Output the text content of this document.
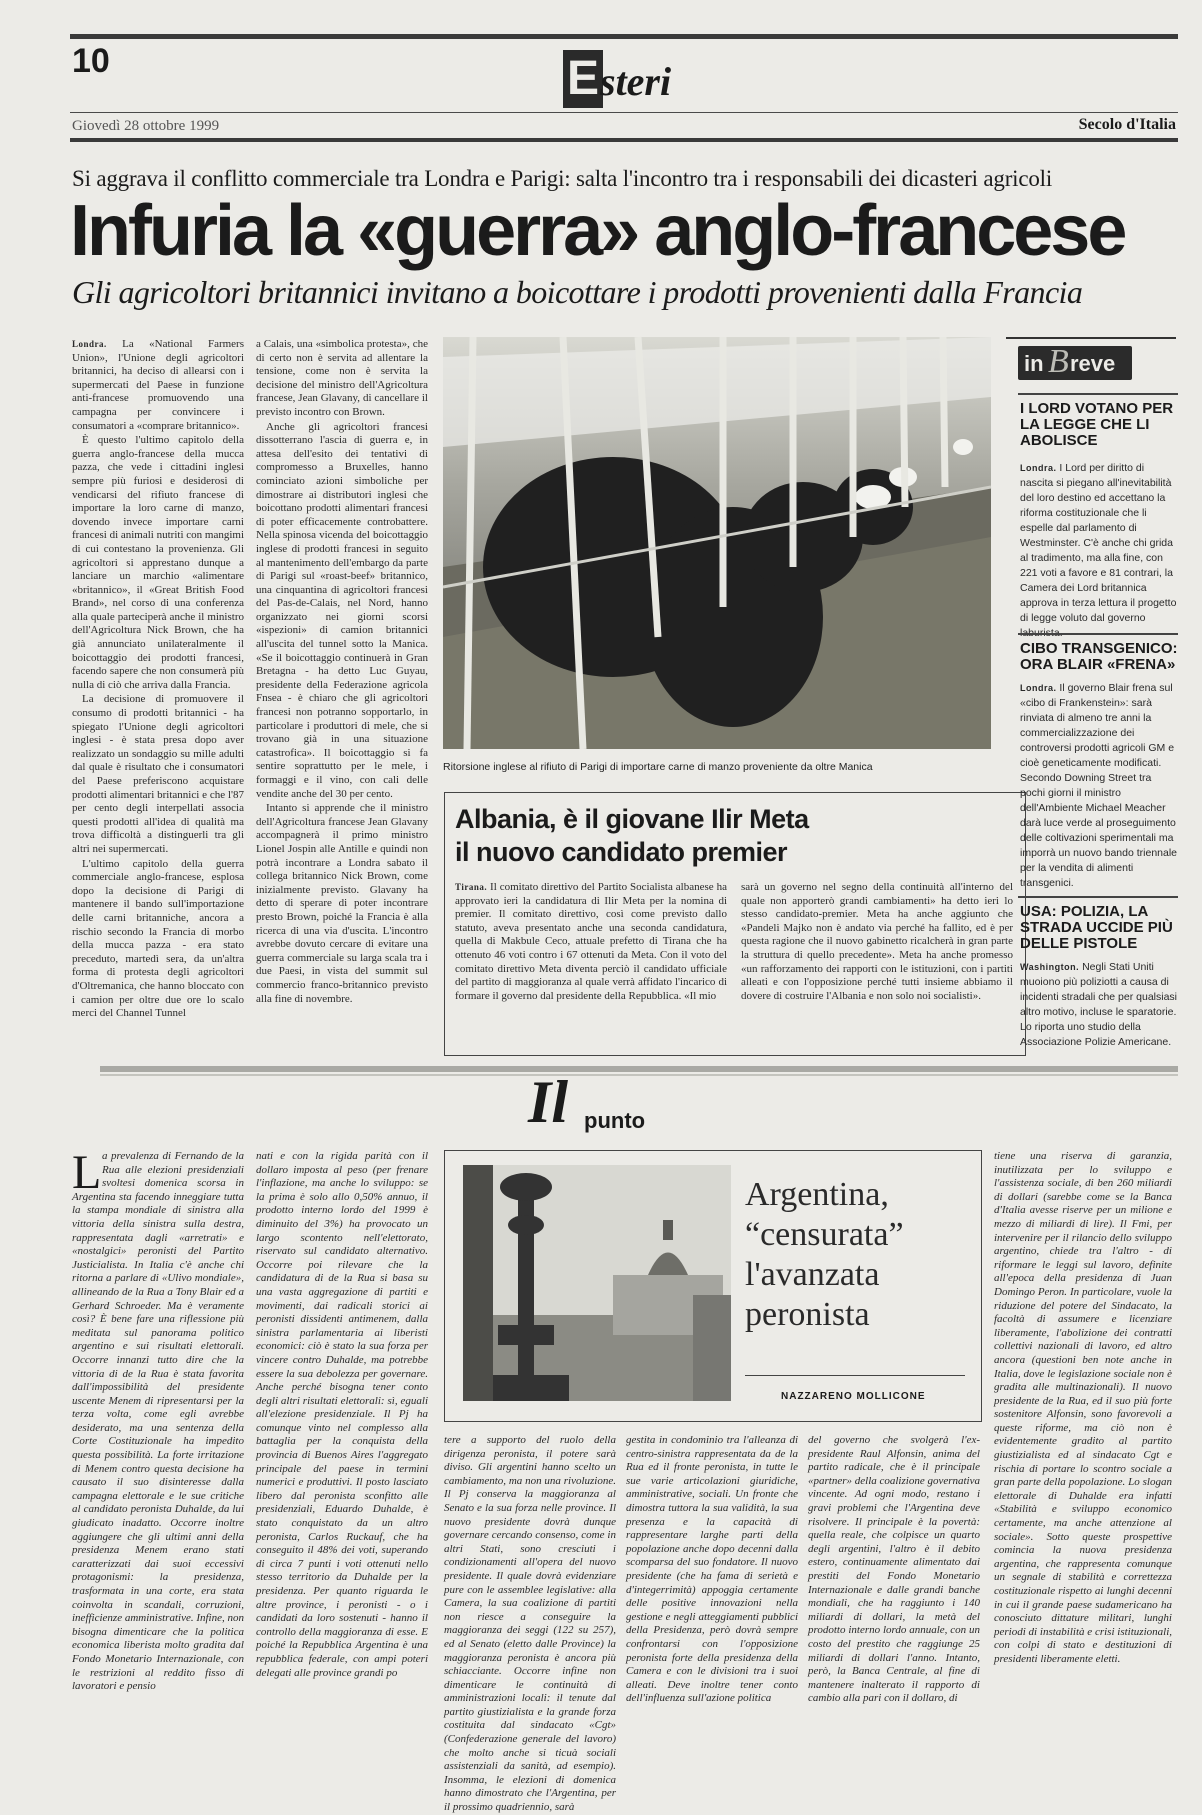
10	E steri
Giovedì 28 ottobre 1999	Secolo d'Italia
Si aggrava il conflitto commerciale tra Londra e Parigi: salta l'incontro tra i responsabili dei dicasteri agricoli
Infuria la «guerra» anglo-francese
Gli agricoltori britannici invitano a boicottare i prodotti provenienti dalla Francia

Londra. La «National Farmers Union», l'Unione degli agricoltori britannici, ha deciso di allearsi con i supermercati del Paese in funzione anti-francese promuovendo una campagna per convincere i consumatori a «comprare britannico».

È questo l'ultimo capitolo della guerra anglo-francese della mucca pazza, che vede i cittadini inglesi sempre più furiosi e desiderosi di vendicarsi del rifiuto francese di importare la loro carne di manzo, dovendo invece importare carni francesi di animali nutriti con mangimi di cui contestano la provenienza. Gli agricoltori si apprestano dunque a lanciare un marchio «alimentare «britannico», il «Great British Food Brand», nel corso di una conferenza alla quale parteciperà anche il ministro dell'Agricoltura Nick Brown, che ha già annunciato unilateralmente il boicottaggio dei prodotti francesi, facendo sapere che non consumerà più nulla di ciò che arriva dalla Francia.

La decisione di promuovere il consumo di prodotti britannici - ha spiegato l'Unione degli agricoltori inglesi - è stata presa dopo aver realizzato un sondaggio su mille adulti dal quale è risultato che i consumatori del Paese preferiscono acquistare prodotti alimentari britannici e che l'87 per cento degli interpellati associa questi prodotti all'idea di qualità ma trova difficoltà a distinguerli tra gli altri nei supermercati.

L'ultimo capitolo della guerra commerciale anglo-francese, esplosa dopo la decisione di Parigi di mantenere il bando sull'importazione delle carni britanniche, ancora a rischio secondo la Francia di morbo della mucca pazza - era stato preceduto, martedì sera, da un'altra forma di protesta degli agricoltori d'Oltremanica, che hanno bloccato con i camion per oltre due ore lo scalo merci del Channel Tunnel

a Calais, una «simbolica protesta», che di certo non è servita ad allentare la tensione, come non è servita la decisione del ministro dell'Agricoltura francese, Jean Glavany, di cancellare il previsto incontro con Brown.

Anche gli agricoltori francesi dissotterrano l'ascia di guerra e, in attesa dell'esito dei tentativi di compromesso a Bruxelles, hanno cominciato azioni simboliche per dimostrare ai distributori inglesi che boicottano prodotti alimentari francesi di poter efficacemente controbattere. Nella spinosa vicenda del boicottaggio inglese di prodotti francesi in seguito al mantenimento dell'embargo da parte di Parigi sul «roast-beef» britannico, una cinquantina di agricoltori francesi del Pas-de-Calais, nel Nord, hanno organizzato nei giorni scorsi «ispezioni» di camion britannici all'uscita del tunnel sotto la Manica. «Se il boicottaggio continuerà in Gran Bretagna - ha detto Luc Guyau, presidente della Federazione agricola Fnsea - è chiaro che gli agricoltori francesi non potranno sopportarlo, in particolare i produttori di mele, che si trovano già in una situazione catastrofica». Il boicottaggio si fa sentire soprattutto per le mele, i formaggi e il vino, con cali delle vendite anche del 30 per cento.

Intanto si apprende che il ministro dell'Agricoltura francese Jean Glavany accompagnerà il primo ministro Lionel Jospin alle Antille e quindi non potrà incontrare a Londra sabato il collega britannico Nick Brown, come inizialmente previsto. Glavany ha detto di sperare di poter incontrare presto Brown, poiché la Francia è alla ricerca di una via d'uscita. L'incontro avrebbe dovuto cercare di evitare una guerra commerciale su larga scala tra i due Paesi, in vista del summit sul commercio franco-britannico previsto alla fine di novembre.

Ritorsione inglese al rifiuto di Parigi di importare carne di manzo proveniente da oltre Manica
Albania, è il giovane Ilir Meta
il nuovo candidato premier

Tirana. Il comitato direttivo del Partito Socialista albanese ha approvato ieri la candidatura di Ilir Meta per la nomina di premier. Il comitato direttivo, così come previsto dallo statuto, aveva presentato anche una seconda candidatura, quella di Makbule Ceco, attuale prefetto di Tirana che ha ottenuto 46 voti contro i 67 ottenuti da Meta. Con il voto del comitato direttivo Meta diventa perciò il candidato ufficiale del partito di maggioranza al quale verrà affidato l'incarico di formare il governo dal presidente della Repubblica. «Il mio

sarà un governo nel segno della continuità all'interno del quale non apporterò grandi cambiamenti» ha detto ieri lo stesso candidato-premier. Meta ha anche aggiunto che «Pandeli Majko non è andato via perché ha fallito, ed è per questa ragione che il nuovo gabinetto ricalcherà in gran parte la struttura di quello precedente». Meta ha anche promesso «un rafforzamento dei rapporti con le istituzioni, con i partiti alleati e con l'opposizione perché tutti insieme abbiamo il dovere di costruire l'Albania e non solo noi socialisti».

in B reve
I LORD VOTANO PER LA LEGGE CHE LI ABOLISCE
Londra. I Lord per diritto di nascita si piegano all'inevitabilità del loro destino ed accettano la riforma costituzionale che li espelle dal parlamento di Westminster. C'è anche chi grida al tradimento, ma alla fine, con 221 voti a favore e 81 contrari, la Camera dei Lord britannica approva in terza lettura il progetto di legge voluto dal governo
CIBO TRANSGENICO: ORA BLAIR «FRENA»
Londra. Il governo Blair frena sul «cibo di Frankenstein»: sarà rinviata di almeno tre anni la commercializzazione dei controversi prodotti agricoli GM e cioè geneticamente modificati. Secondo Downing Street tra pochi giorni il ministro dell'Ambiente Michael Meacher darà luce verde al proseguimento delle coltivazioni sperimentali ma imporrà un nuovo bando triennale per la vendita di alimenti transgenici.
USA: POLIZIA, LA STRADA UCCIDE PIÙ DELLE PISTOLE
Washington. Negli Stati Uniti muoiono più poliziotti a causa di incidenti stradali che per qualsiasi altro motivo, incluse le sparatorie. Lo riporta uno studio della Associazione Polizie Americane.
Il punto
L a prevalenza di Fernando de la Rua alle elezioni presidenziali svoltesi domenica scorsa in Argentina sta facendo inneggiare tutta la stampa mondiale di sinistra alla vittoria della sinistra sulla destra, rappresentata dagli «arretrati» e «nostalgici» peronisti del Partito Justicialista. In Italia c'è anche chi ritorna a parlare di «Ulivo mondiale», allineando de la Rua a Tony Blair ed a Gerhard Schroeder. Ma è veramente così? È bene fare una riflessione più meditata sul panorama politico argentino e sui risultati elettorali. Occorre innanzi tutto dire che la vittoria di de la Rua è stata favorita dall'impossibilità del presidente uscente Menem di ripresentarsi per la terza volta, come egli avrebbe desiderato, ma una sentenza della Corte Costituzionale ha impedito questa possibilità. La forte irritazione di Menem contro questa decisione ha causato il suo disinteresse dalla campagna elettorale e le sue critiche al candidato peronista Duhalde, da lui giudicato inadatto. Occorre inoltre aggiungere che gli ultimi anni della presidenza Menem erano stati caratterizzati dai suoi eccessivi protagonismi: la presidenza, trasformata in una corte, era stata coinvolta in scandali, corruzioni, inefficienze amministrative. Infine, non bisogna dimenticare che la politica economica liberista molto gradita dal Fondo Monetario Internazionale, con le restrizioni al reddito fisso di lavoratori e pensio

nati e con la rigida parità con il dollaro imposta al peso (per frenare l'inflazione, ma anche lo sviluppo: se la prima è solo allo 0,50% annuo, il prodotto interno lordo del 1999 è diminuito del 3%) ha provocato un largo scontento nell'elettorato, riservato sul candidato alternativo. Occorre poi rilevare che la candidatura di de la Rua si basa su una vasta aggregazione di partiti e movimenti, dai radicali storici ai peronisti dissidenti antimenem, dalla sinistra parlamentaria ai liberisti economici: ciò è stato la sua forza per vincere contro Duhalde, ma potrebbe essere la sua debolezza per governare. Anche perché bisogna tener conto degli altri risultati elettorali: sì, eguali all'elezione presidenziale. Il Pj ha comunque vinto nel complesso alla battaglia per la conquista della provincia di Buenos Aires l'aggregato principale del paese in termini numerici e produttivi. Il posto lasciato libero dal peronista sconfitto alle presidenziali, Eduardo Duhalde, è stato conquistato da un altro peronista, Carlos Ruckauf, che ha conseguito il 48% dei voti, superando di circa 7 punti i voti ottenuti nello stesso territorio da Duhalde per la presidenza. Per quanto riguarda le altre province, i peronisti - o i candidati da loro sostenuti - hanno il controllo della maggioranza di esse. E poiché la Repubblica Argentina è una repubblica federale, con ampi poteri delegati alle province grandi po

Argentina,
“censurata”
l'avanzata
peronista
NAZZARENO MOLLICONE

tere a supporto del ruolo della dirigenza peronista, il potere sarà diviso. Gli argentini hanno scelto un cambiamento, ma non una rivoluzione. Il Pj conserva la maggioranza al Senato e la sua forza nelle province. Il nuovo presidente dovrà dunque governare cercando consenso, come in altri Stati, sono cresciuti i condizionamenti all'opera del nuovo presidente. Il quale dovrà evidenziare pure con le assemblee legislative: alla Camera, la sua coalizione di partiti non riesce a conseguire la maggioranza dei seggi (122 su 257), ed al Senato (eletto dalle Province) la maggioranza peronista è ancora più schiacciante. Occorre infine non dimenticare le continuità di amministrazioni locali: il tenute dal partito giustizialista e la grande forza costituita dal sindacato «Cgt» (Confederazione generale del lavoro) che molto anche si ticuà sociali assistenziali da sanità, ad esempio). Insomma, le elezioni di domenica hanno dimostrato che l'Argentina, per il prossimo quadriennio, sarà

gestita in condominio tra l'alleanza di centro-sinistra rappresentata da de la Rua ed il fronte peronista, in tutte le sue varie articolazioni giuridiche, amministrative, sociali. Un fronte che dimostra tuttora la sua validità, la sua presenza e la capacità di rappresentare larghe parti della popolazione anche dopo decenni dalla scomparsa del suo fondatore. Il nuovo presidente (che ha fama di serietà e d'integerrimità) appoggia certamente delle positive innovazioni nella gestione e negli atteggiamenti pubblici della Presidenza, però dovrà sempre confrontarsi con l'opposizione peronista forte della presidenza della Camera e con le divisioni tra i suoi alleati. Deve inoltre tener conto dell'influenza sull'azione politica

del governo che svolgerà l'ex-presidente Raul Alfonsin, anima del partito radicale, che è il principale «partner» della coalizione governativa vincente. Ad ogni modo, restano i gravi problemi che l'Argentina deve risolvere. Il principale è la povertà: quella reale, che colpisce un quarto degli argentini, l'altro è il debito estero, continuamente alimentato dai prestiti del Fondo Monetario Internazionale e dalle grandi banche mondiali, che ha raggiunto i 140 miliardi di dollari, la metà del prodotto interno lordo annuale, con un costo del prestito che raggiunge 25 miliardi di dollari l'anno. Intanto, però, la Banca Centrale, al fine di mantenere inalterato il rapporto di cambio alla pari con il dollaro, di

tiene una riserva di garanzia, inutilizzata per lo sviluppo e l'assistenza sociale, di ben 260 miliardi di dollari (sarebbe come se la Banca d'Italia avesse riserve per un milione e mezzo di miliardi di lire). Il Fmi, per intervenire per il rilancio dello sviluppo argentino, chiede tra l'altro - di riformare le leggi sul lavoro, definite all'epoca della presidenza di Juan Domingo Peron. In particolare, vuole la riduzione del potere del Sindacato, la facoltà di assumere e licenziare liberamente, l'abolizione dei contratti collettivi nazionali di lavoro, ed altro ancora (questioni ben note anche in Italia, dove le legislazione sociale non è gradita alle multinazionali). Il nuovo presidente de la Rua, ed il suo più forte sostenitore Alfonsin, sono favorevoli a queste riforme, ma ciò non è evidentemente gradito al partito giustizialista ed al sindacato Cgt e rischia di portare lo scontro sociale a gran parte della popolazione. Lo slogan elettorale di Duhalde era infatti «Stabilità e sviluppo economico certamente, ma anche attenzione al sociale». Sotto queste prospettive comincia la nuova presidenza argentina, che rappresenta comunque un segnale di stabilità e correttezza costituzionale rispetto ai lunghi decenni in cui il grande paese sudamericano ha conosciuto dittature militari, lunghi periodi di instabilità e crisi istituzionali, con colpi di stato e destituzioni di presidenti liberamente eletti.
